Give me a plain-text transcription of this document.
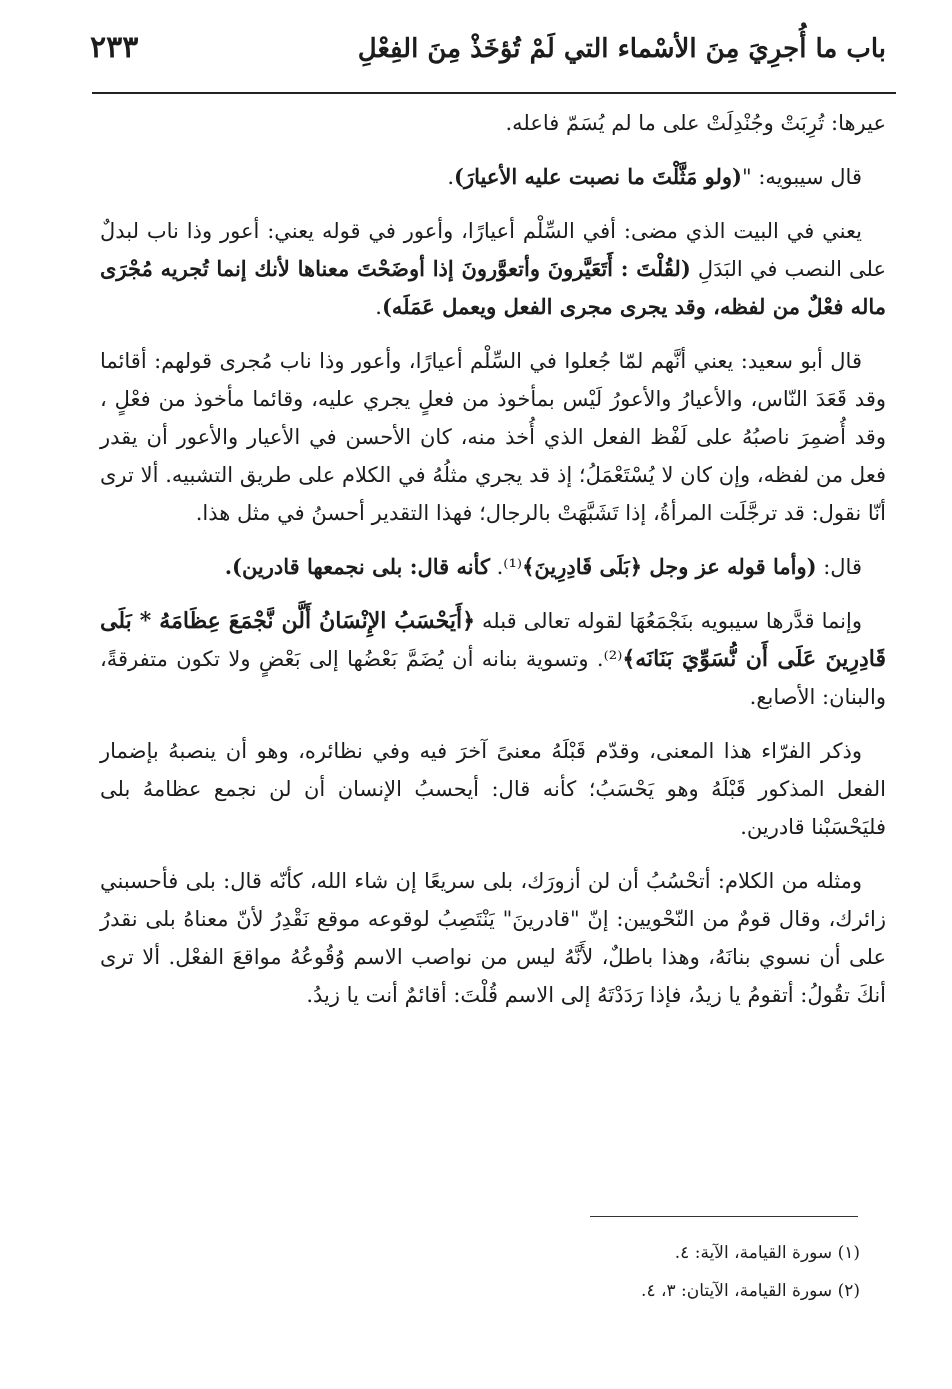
٢٣٣	باب ما أُجرِيَ مِنَ الأسْماء التي لَمْ تُؤخَذْ مِنَ الفِعْلِ

عيرها: تُرِبَتْ وجُنْدِلَتْ على ما لم يُسَمّ فاعله.

قال سيبويه: "(ولو مَثَّلْتَ ما نصبت عليه الأعيارَ).

يعني في البيت الذي مضى: أفي السِّلْم أعيارًا، وأعور في قوله يعني: أعور وذا ناب لبدلٌ على النصب في البَدَلِ (لقُلْتَ : أَتَعَيَّرونَ وأتعوَّرونَ إذا أوضَحْتَ معناها لأنك إنما تُجريه مُجْرَى ماله فعْلٌ من لفظه، وقد يجرى مجرى الفعل ويعمل عَمَلَه).

قال أبو سعيد: يعني أنَّهم لمّا جُعلوا في السِّلْم أعيارًا، وأعور وذا ناب مُجرى قولهم: أقائما وقد قَعَدَ النّاس، والأعيارُ والأعورُ لَيْس بمأخوذ من فعلٍ يجري عليه، وقائما مأخوذ من فعْلٍ ، وقد أُضمِرَ ناصبُهُ على لَفْظ الفعل الذي أُخذ منه، كان الأحسن في الأعيار والأعور أن يقدر فعل من لفظه، وإن كان لا يُسْتَعْمَلُ؛ إذ قد يجري مثلُهُ في الكلام على طريق التشبيه. ألا ترى أنّا نقول: قد ترجَّلَت المرأةُ، إذا تَشَبَّهَتْ بالرجال؛ فهذا التقدير أحسنُ في مثل هذا.

قال: (وأما قوله عز وجل ﴿بَلَى قَادِرِينَ﴾⁽¹⁾. كأنه قال: بلى نجمعها قادرين).

وإنما قدَّرها سيبويه بنَجْمَعُهَا لقوله تعالى قبله ﴿أَيَحْسَبُ الإِنْسَانُ أَلَّن نَّجْمَعَ عِظَامَهُ * بَلَى قَادِرِينَ عَلَى أَن نُّسَوِّيَ بَنَانَه﴾⁽²⁾. وتسوية بنانه أن يُضَمَّ بَعْضُها إلى بَعْضٍ ولا تكون متفرقةً، والبنان: الأصابع.

وذكر الفرّاء هذا المعنى، وقدّم قَبْلَهُ معنىً آخرَ فيه وفي نظائره، وهو أن ينصبهُ بإضمار الفعل المذكور قَبْلَهُ وهو يَحْسَبُ؛ كأنه قال: أيحسبُ الإنسان أن لن نجمع عظامهُ بلى فليَحْسَبْنا قادرين.

ومثله من الكلام: أتحْسُبُ أن لن أزورَك، بلى سريعًا إن شاء الله، كأنّه قال: بلى فأحسبني زائرك، وقال قومٌ من النّحْويين: إنّ "قادرينَ" يَنْتَصِبُ لوقوعه موقع نَقْدِرُ لأنّ معناهُ بلى نقدرُ على أن نسوي بنانَهُ، وهذا باطلٌ، لأَنَّهُ ليس من نواصب الاسم وُقُوعُهُ مواقعَ الفعْل. ألا ترى أنكَ تقُولُ: أتقومُ يا زيدُ، فإذا رَدَدْتَهُ إلى الاسم قُلْتَ: أقائمٌ أنت يا زيدُ.

(١) سورة القيامة، الآية: ٤.

(٢) سورة القيامة، الآيتان: ٣، ٤.
